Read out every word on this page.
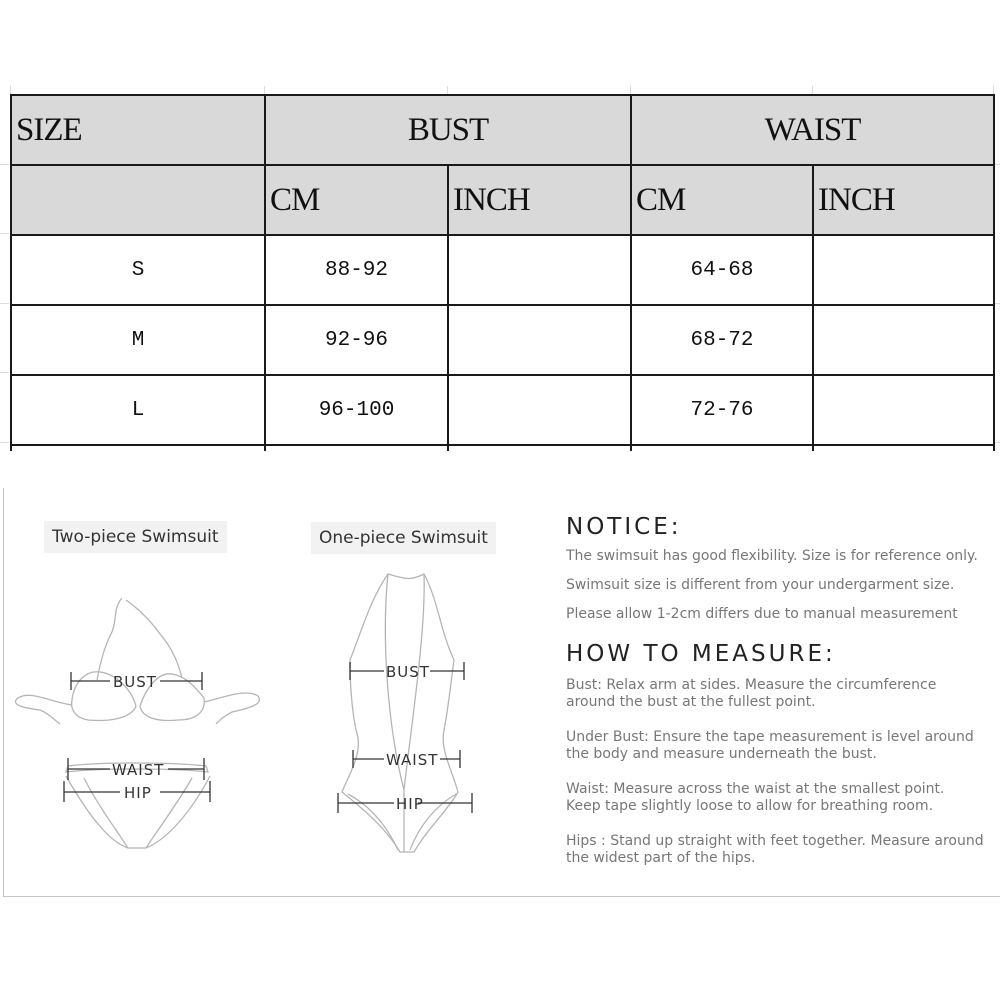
SIZE	BUST		WAIST	
	CM	INCH	CM	INCH
S	88-92		64-68	
M	92-96		68-72	
L	96-100		72-76	

Two-piece Swimsuit	One-piece Swimsuit
BUST
WAIST
HIP
BUST
WAIST
HIP
NOTICE:
The swimsuit has good flexibility. Size is for reference only.
Swimsuit size is different from your undergarment size.
Please allow 1-2cm differs due to manual measurement
HOW TO MEASURE:
Bust: Relax arm at sides. Measure the circumference
around the bust at the fullest point.
Under Bust: Ensure the tape measurement is level around
the body and measure underneath the bust.
Waist: Measure across the waist at the smallest point.
Keep tape slightly loose to allow for breathing room.
Hips : Stand up straight with feet together. Measure around
the widest part of the hips.
